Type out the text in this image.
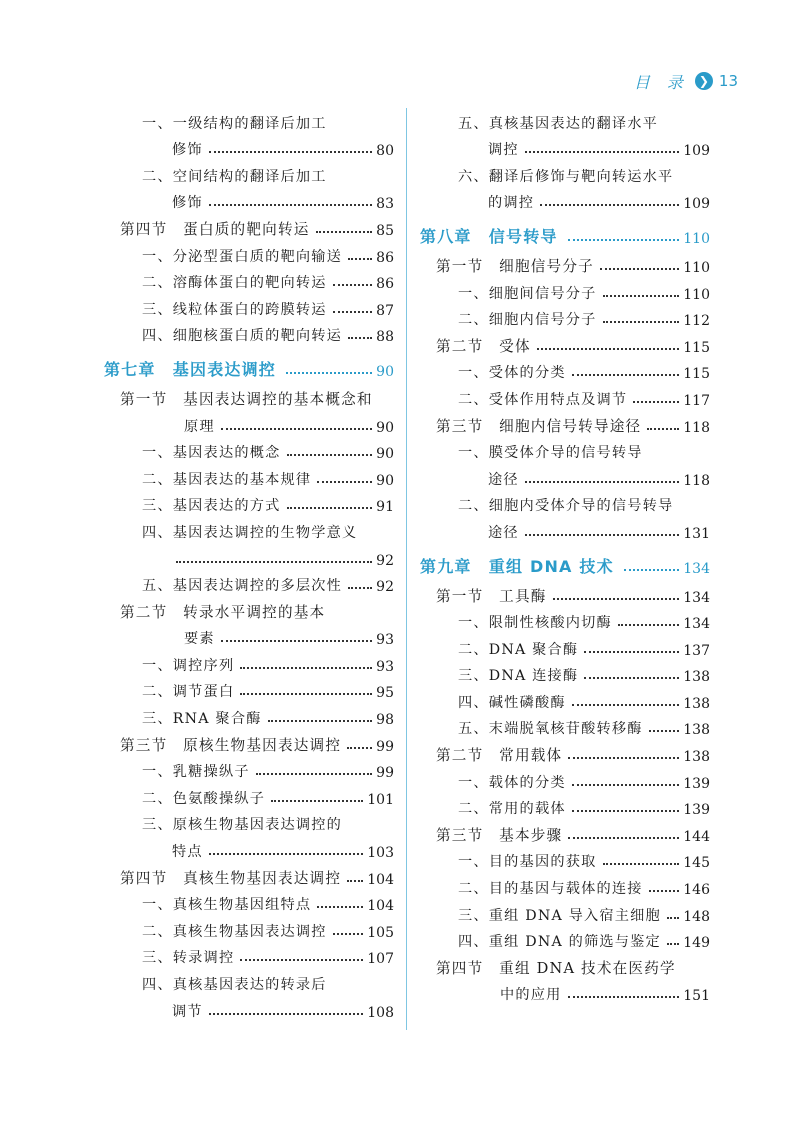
目 录 ❯ 13
一、一级结构的翻译后加工
修饰	80
二、空间结构的翻译后加工
修饰	83
第四节　蛋白质的靶向转运	85
一、分泌型蛋白质的靶向输送 86
二、溶酶体蛋白的靶向转运	86
三、线粒体蛋白的跨膜转运	87
四、细胞核蛋白质的靶向转运 88
第七章　基因表达调控	90
第一节　基因表达调控的基本概念和
原理	90
一、基因表达的概念	90
二、基因表达的基本规律	90
三、基因表达的方式	91
四、基因表达调控的生物学意义
92
五、基因表达调控的多层次性 92
第二节　转录水平调控的基本
要素	93
一、调控序列	93
二、调节蛋白	95
三、RNA 聚合酶	98
第三节　原核生物基因表达调控	99
一、乳糖操纵子	99
二、色氨酸操纵子	101
三、原核生物基因表达调控的
特点	103
第四节　真核生物基因表达调控 104
一、真核生物基因组特点	104
二、真核生物基因表达调控	105
三、转录调控	107
四、真核基因表达的转录后
调节	108
五、真核基因表达的翻译水平
调控	109
六、翻译后修饰与靶向转运水平
的调控	109
第八章　信号转导	110
第一节　细胞信号分子	110
一、细胞间信号分子	110
二、细胞内信号分子	112
第二节　受体	115
一、受体的分类	115
二、受体作用特点及调节	117
第三节　细胞内信号转导途径	118
一、膜受体介导的信号转导
途径	118
二、细胞内受体介导的信号转导
途径	131
第九章　重组 DNA 技术	134
第一节　工具酶	134
一、限制性核酸内切酶	134
二、DNA 聚合酶	137
三、DNA 连接酶	138
四、碱性磷酸酶	138
五、末端脱氧核苷酸转移酶	138
第二节　常用载体	138
一、载体的分类	139
二、常用的载体	139
第三节　基本步骤	144
一、目的基因的获取	145
二、目的基因与载体的连接	146
三、重组 DNA 导入宿主细胞 148
四、重组 DNA 的筛选与鉴定 149
第四节　重组 DNA 技术在医药学
中的应用	151
